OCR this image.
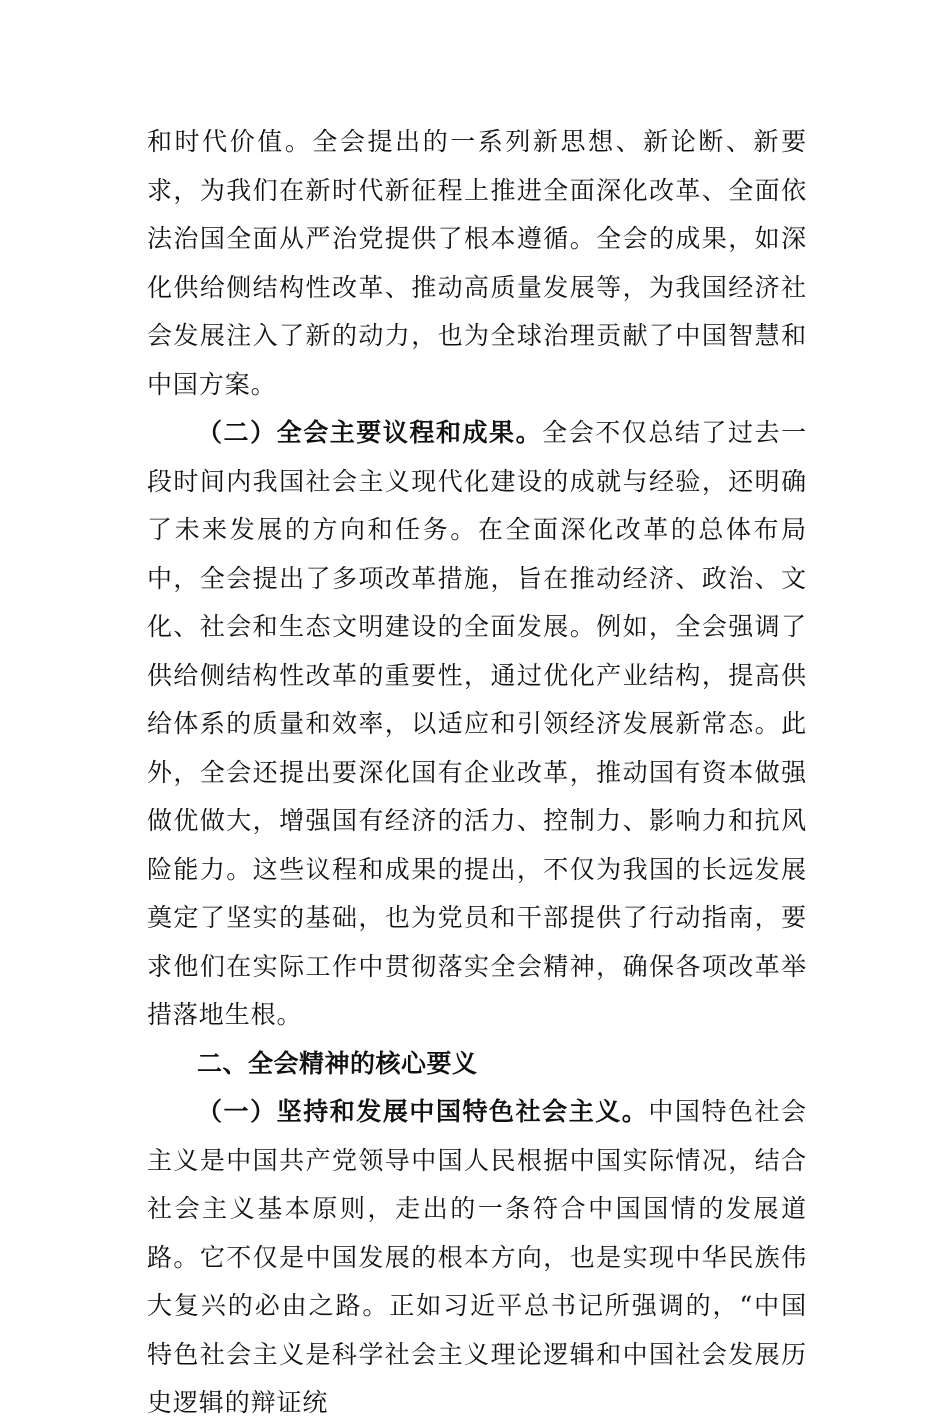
和时代价值。全会提出的一系列新思想、新论断、新要求，为我们在新时代新征程上推进全面深化改革、全面依法治国全面从严治党提供了根本遵循。全会的成果，如深化供给侧结构性改革、推动高质量发展等，为我国经济社会发展注入了新的动力，也为全球治理贡献了中国智慧和中国方案。

（二）全会主要议程和成果。全会不仅总结了过去一段时间内我国社会主义现代化建设的成就与经验，还明确了未来发展的方向和任务。在全面深化改革的总体布局中，全会提出了多项改革措施，旨在推动经济、政治、文化、社会和生态文明建设的全面发展。例如，全会强调了供给侧结构性改革的重要性，通过优化产业结构，提高供给体系的质量和效率，以适应和引领经济发展新常态。此外，全会还提出要深化国有企业改革，推动国有资本做强做优做大，增强国有经济的活力、控制力、影响力和抗风险能力。这些议程和成果的提出，不仅为我国的长远发展奠定了坚实的基础，也为党员和干部提供了行动指南，要求他们在实际工作中贯彻落实全会精神，确保各项改革举措落地生根。

二、全会精神的核心要义

（一）坚持和发展中国特色社会主义。中国特色社会主义是中国共产党领导中国人民根据中国实际情况，结合社会主义基本原则，走出的一条符合中国国情的发展道路。它不仅是中国发展的根本方向，也是实现中华民族伟大复兴的必由之路。正如习近平总书记所强调的，“中国特色社会主义是科学社会主义理论逻辑和中国社会发展历史逻辑的辩证统
